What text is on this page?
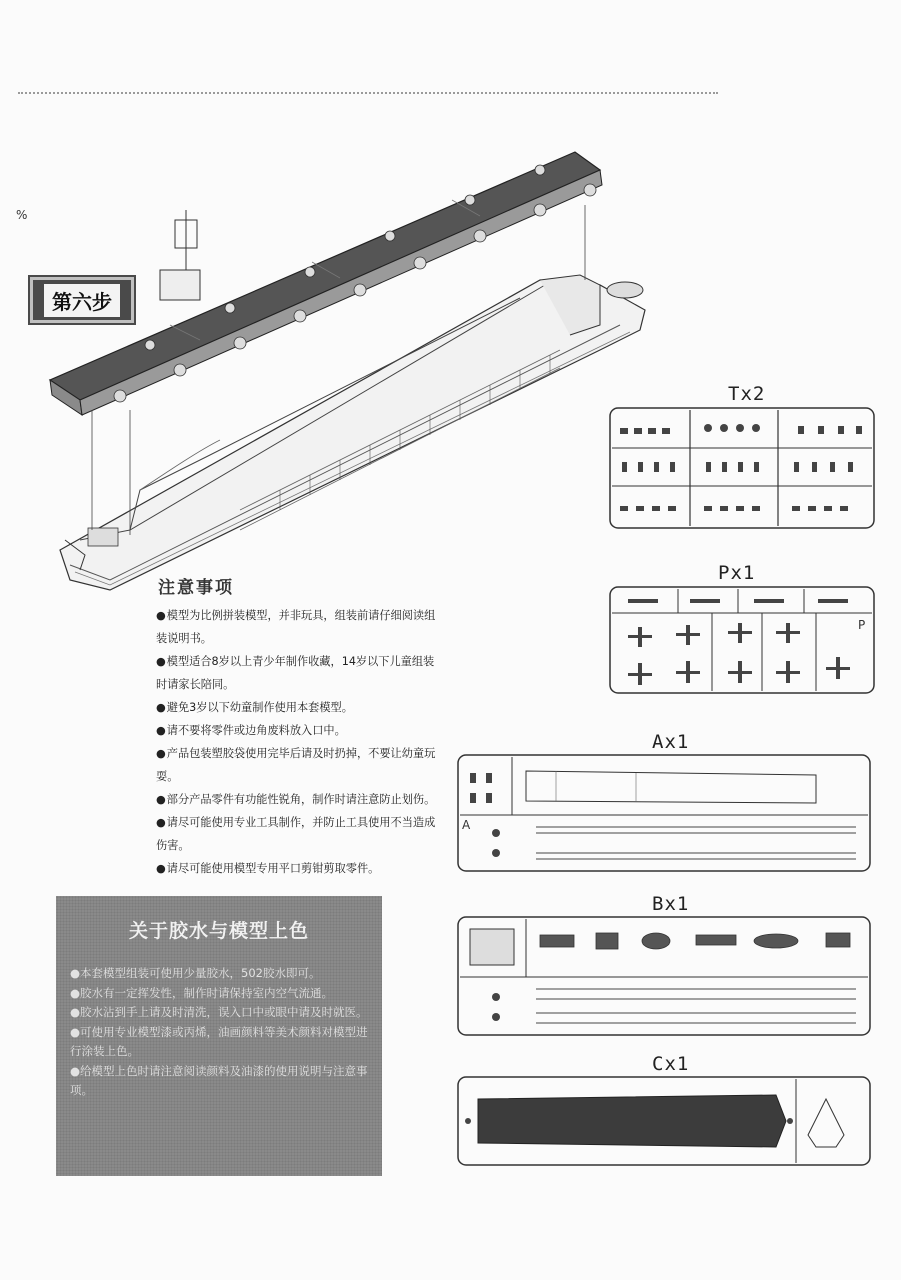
%
第六步
注意事项

●模型为比例拼装模型，并非玩具，组装前请仔细阅读组装说明书。

●模型适合8岁以上青少年制作收藏，14岁以下儿童组装时请家长陪同。

●避免3岁以下幼童制作使用本套模型。

●请不要将零件或边角废料放入口中。

●产品包装塑胶袋使用完毕后请及时扔掉，不要让幼童玩耍。

●部分产品零件有功能性锐角，制作时请注意防止划伤。

●请尽可能使用专业工具制作，并防止工具使用不当造成伤害。

●请尽可能使用模型专用平口剪钳剪取零件。

关于胶水与模型上色

●本套模型组装可使用少量胶水，502胶水即可。

●胶水有一定挥发性，制作时请保持室内空气流通。

●胶水沾到手上请及时清洗，误入口中或眼中请及时就医。

●可使用专业模型漆或丙烯，油画颜料等美术颜料对模型进行涂装上色。

●给模型上色时请注意阅读颜料及油漆的使用说明与注意事项。

Tx2
Px1
P
Ax1
A
Bx1
Cx1
